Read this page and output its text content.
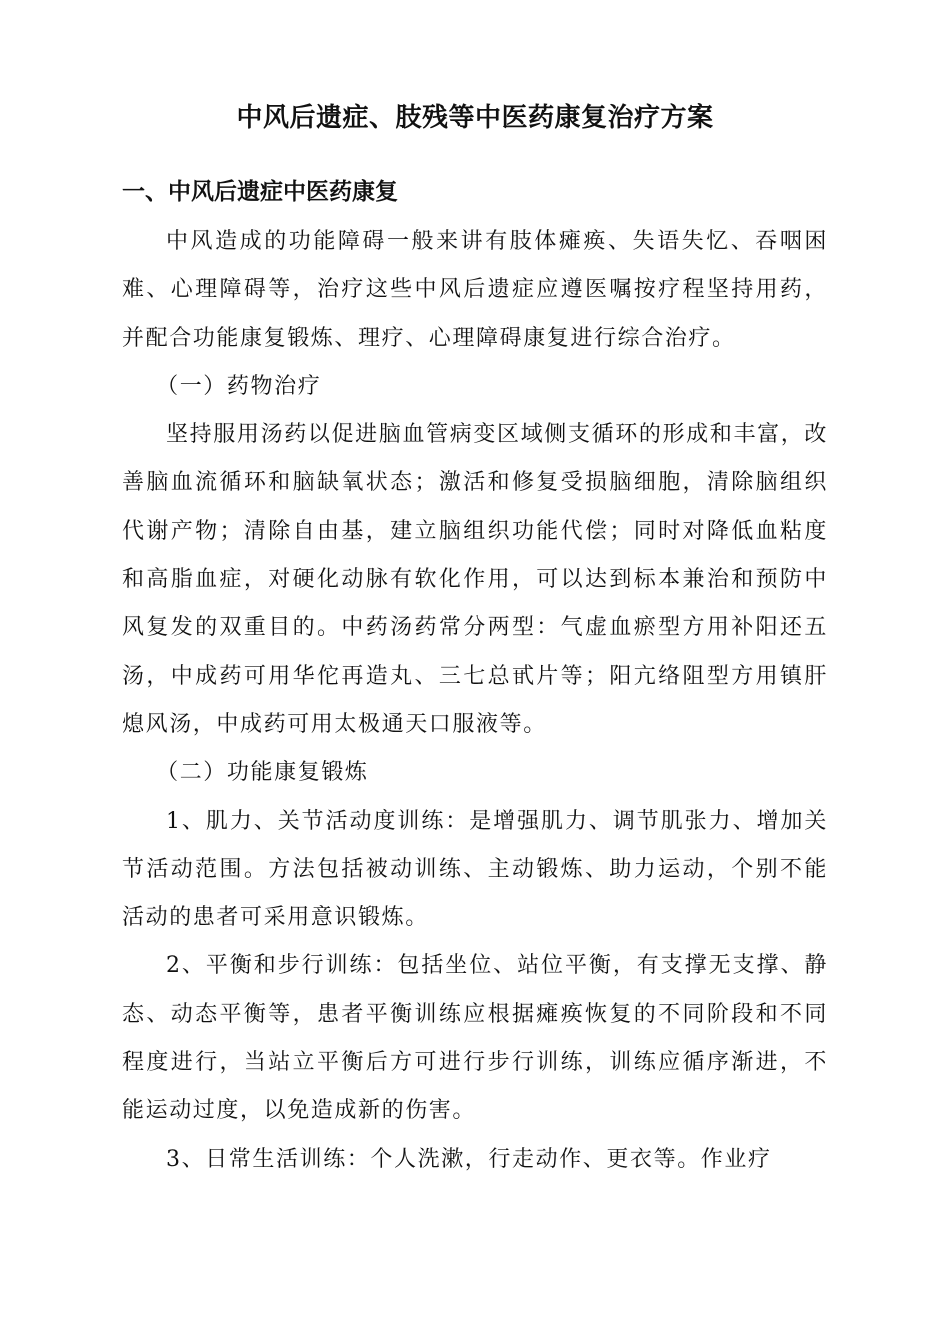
中风后遗症、肢残等中医药康复治疗方案
一、中风后遗症中医药康复

中风造成的功能障碍一般来讲有肢体瘫痪、失语失忆、吞咽困难、心理障碍等，治疗这些中风后遗症应遵医嘱按疗程坚持用药，并配合功能康复锻炼、理疗、心理障碍康复进行综合治疗。

（一）药物治疗

坚持服用汤药以促进脑血管病变区域侧支循环的形成和丰富，改善脑血流循环和脑缺氧状态；激活和修复受损脑细胞，清除脑组织代谢产物；清除自由基，建立脑组织功能代偿；同时对降低血粘度和高脂血症，对硬化动脉有软化作用，可以达到标本兼治和预防中风复发的双重目的。中药汤药常分两型：气虚血瘀型方用补阳还五汤，中成药可用华佗再造丸、三七总甙片等；阳亢络阻型方用镇肝熄风汤，中成药可用太极通天口服液等。

（二）功能康复锻炼

1、肌力、关节活动度训练：是增强肌力、调节肌张力、增加关节活动范围。方法包括被动训练、主动锻炼、助力运动，个别不能活动的患者可采用意识锻炼。

2、平衡和步行训练：包括坐位、站位平衡，有支撑无支撑、静态、动态平衡等，患者平衡训练应根据瘫痪恢复的不同阶段和不同程度进行，当站立平衡后方可进行步行训练，训练应循序渐进，不能运动过度，以免造成新的伤害。

3、日常生活训练：个人洗漱，行走动作、更衣等。作业疗
